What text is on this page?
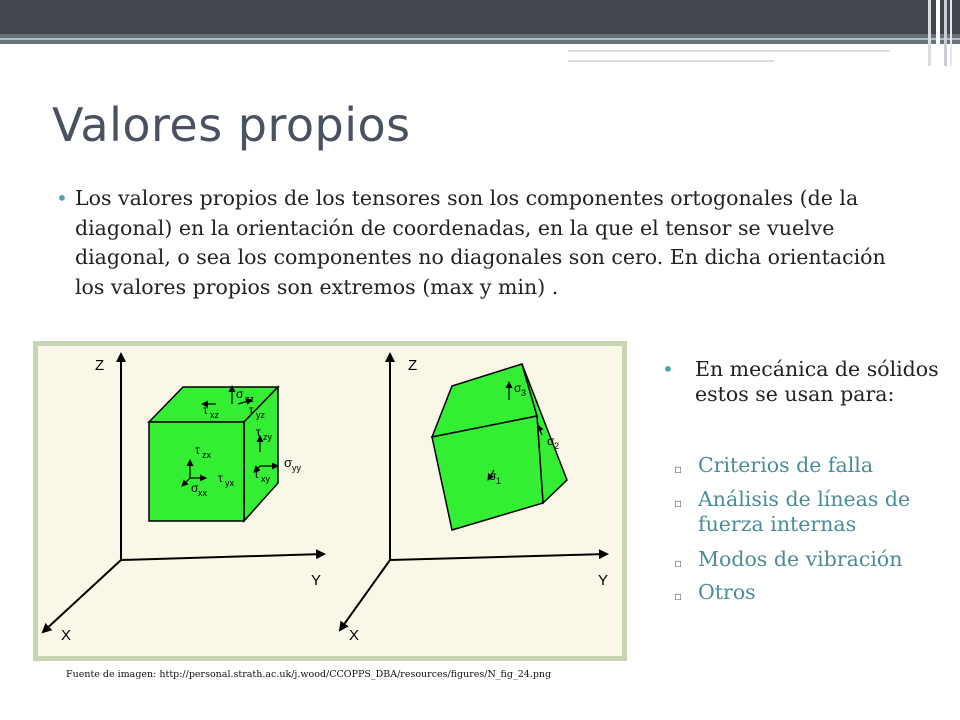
Valores propios
• Los valores propios de los tensores son los componentes ortogonales (de la diagonal) en la orientación de coordenadas, en la que el tensor se vuelve diagonal, o sea los componentes no diagonales son cero. En dicha orientación los valores propios son extremos (max y min) .
Z
Y
X
σ zz
τ xz	τ yz
τ zy
σ yy
τ zx
τ yx
τ xy
σ xx
Z
Y
X
σ 3
σ 2
σ 1
Fuente de imagen: http://personal.strath.ac.uk/j.wood/CCOPPS_DBA/resources/figures/N_fig_24.png
• En mecánica de sólidos estos se usan para:
▫ Criterios de falla
▫ Análisis de líneas de fuerza internas
▫ Modos de vibración
▫ Otros
